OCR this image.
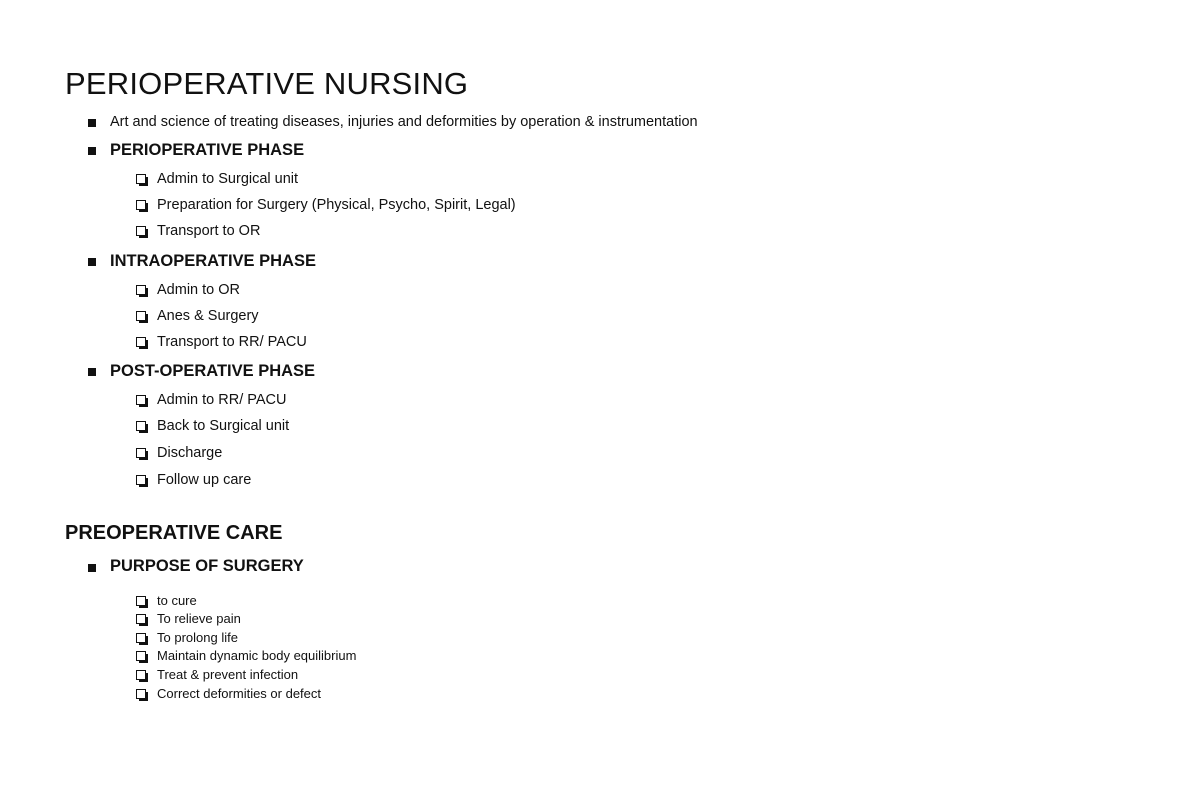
PERIOPERATIVE NURSING
Art and science of treating diseases, injuries and deformities by operation & instrumentation
PERIOPERATIVE PHASE
Admin to Surgical unit
Preparation for Surgery (Physical, Psycho, Spirit, Legal)
Transport to OR
INTRAOPERATIVE PHASE
Admin to OR
Anes & Surgery
Transport to RR/ PACU
POST-OPERATIVE PHASE
Admin to RR/ PACU
Back to Surgical unit
Discharge
Follow up care
PREOPERATIVE CARE
PURPOSE OF SURGERY
to cure
To relieve pain
To prolong life
Maintain dynamic body equilibrium
Treat & prevent infection
Correct deformities or defect
